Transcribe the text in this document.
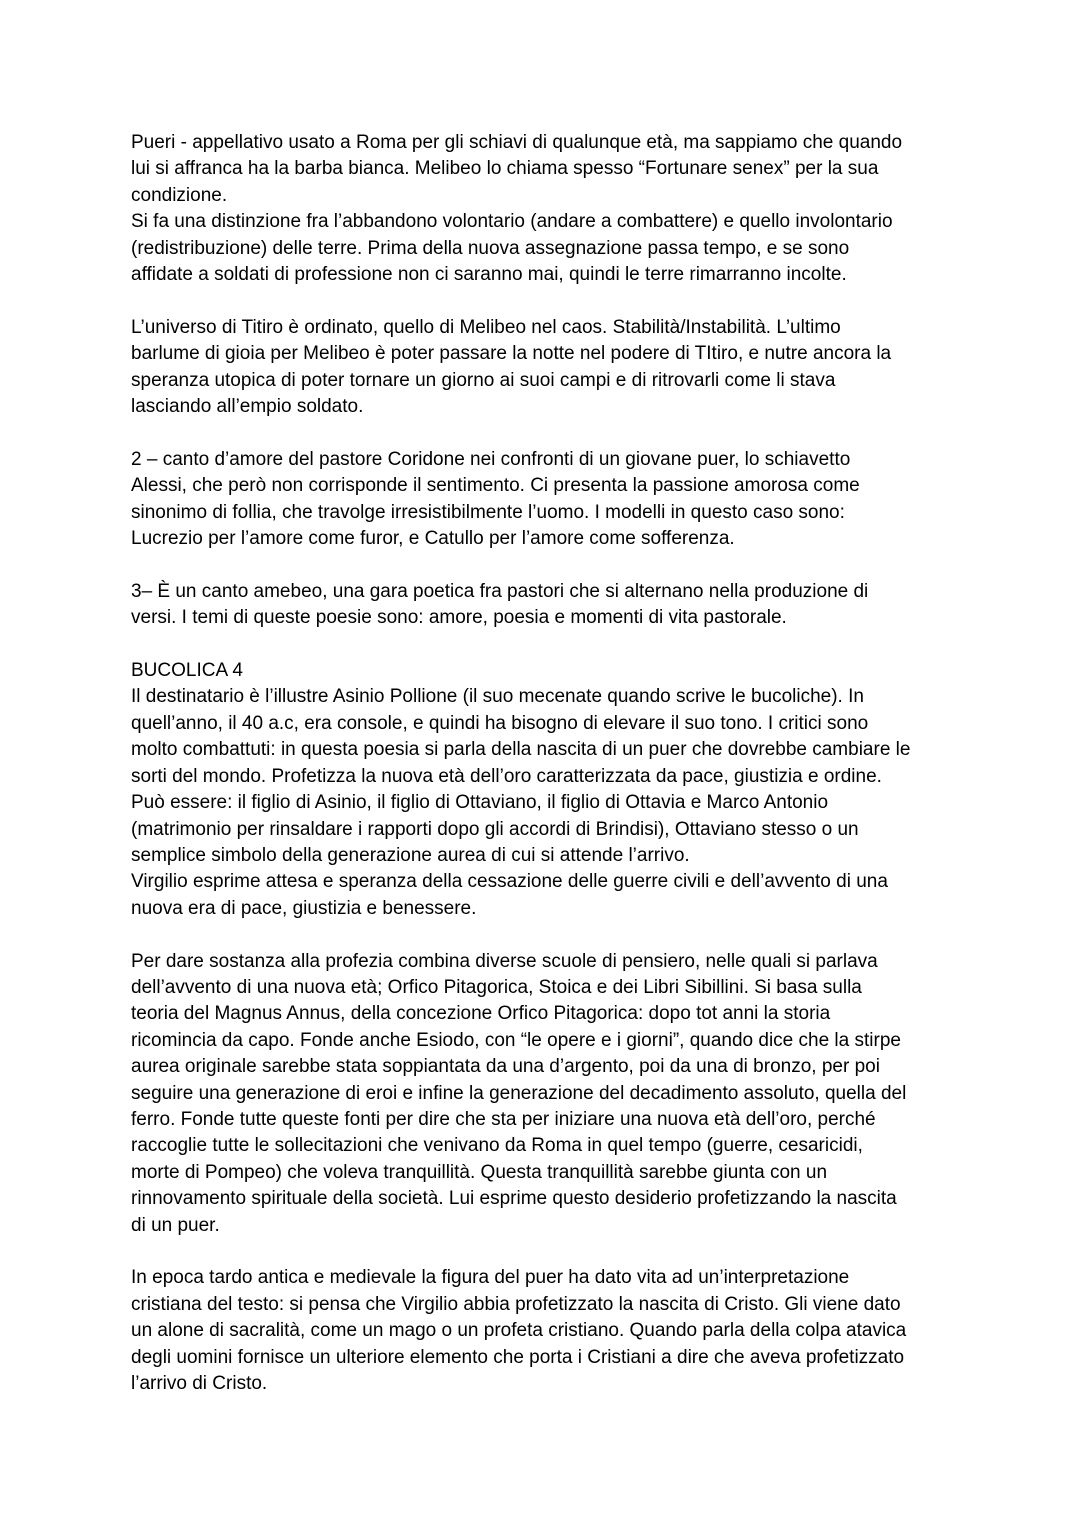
Pueri - appellativo usato a Roma per gli schiavi di qualunque età, ma sappiamo che quando
lui si affranca ha la barba bianca. Melibeo lo chiama spesso “Fortunare senex” per la sua
condizione.

Si fa una distinzione fra l’abbandono volontario (andare a combattere) e quello involontario
(redistribuzione) delle terre. Prima della nuova assegnazione passa tempo, e se sono
affidate a soldati di professione non ci saranno mai, quindi le terre rimarranno incolte.

L’universo di Titiro è ordinato, quello di Melibeo nel caos. Stabilità/Instabilità. L’ultimo
barlume di gioia per Melibeo è poter passare la notte nel podere di TItiro, e nutre ancora la
speranza utopica di poter tornare un giorno ai suoi campi e di ritrovarli come li stava
lasciando all’empio soldato.

2 – canto d’amore del pastore Coridone nei confronti di un giovane puer, lo schiavetto
Alessi, che però non corrisponde il sentimento. Ci presenta la passione amorosa come
sinonimo di follia, che travolge irresistibilmente l’uomo. I modelli in questo caso sono:
Lucrezio per l’amore come furor, e Catullo per l’amore come sofferenza.

3– È un canto amebeo, una gara poetica fra pastori che si alternano nella produzione di
versi. I temi di queste poesie sono: amore, poesia e momenti di vita pastorale.

BUCOLICA 4

Il destinatario è l’illustre Asinio Pollione (il suo mecenate quando scrive le bucoliche). In
quell’anno, il 40 a.c, era console, e quindi ha bisogno di elevare il suo tono. I critici sono
molto combattuti: in questa poesia si parla della nascita di un puer che dovrebbe cambiare le
sorti del mondo. Profetizza la nuova età dell’oro caratterizzata da pace, giustizia e ordine.
Può essere: il figlio di Asinio, il figlio di Ottaviano, il figlio di Ottavia e Marco Antonio
(matrimonio per rinsaldare i rapporti dopo gli accordi di Brindisi), Ottaviano stesso o un
semplice simbolo della generazione aurea di cui si attende l’arrivo.

Virgilio esprime attesa e speranza della cessazione delle guerre civili e dell’avvento di una
nuova era di pace, giustizia e benessere.

Per dare sostanza alla profezia combina diverse scuole di pensiero, nelle quali si parlava
dell’avvento di una nuova età; Orfico Pitagorica, Stoica e dei Libri Sibillini. Si basa sulla
teoria del Magnus Annus, della concezione Orfico Pitagorica: dopo tot anni la storia
ricomincia da capo. Fonde anche Esiodo, con “le opere e i giorni”, quando dice che la stirpe
aurea originale sarebbe stata soppiantata da una d’argento, poi da una di bronzo, per poi
seguire una generazione di eroi e infine la generazione del decadimento assoluto, quella del
ferro. Fonde tutte queste fonti per dire che sta per iniziare una nuova età dell’oro, perché
raccoglie tutte le sollecitazioni che venivano da Roma in quel tempo (guerre, cesaricidi,
morte di Pompeo) che voleva tranquillità. Questa tranquillità sarebbe giunta con un
rinnovamento spirituale della società. Lui esprime questo desiderio profetizzando la nascita
di un puer.

In epoca tardo antica e medievale la figura del puer ha dato vita ad un’interpretazione
cristiana del testo: si pensa che Virgilio abbia profetizzato la nascita di Cristo. Gli viene dato
un alone di sacralità, come un mago o un profeta cristiano. Quando parla della colpa atavica
degli uomini fornisce un ulteriore elemento che porta i Cristiani a dire che aveva profetizzato
l’arrivo di Cristo.
